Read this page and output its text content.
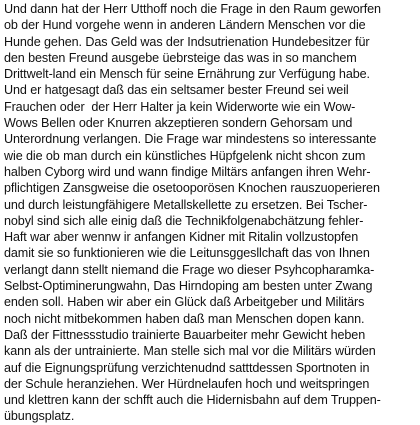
Und dann hat der Herr Utthoff noch die Frage in den Raum geworfen
ob der Hund vorgehe wenn in anderen Ländern Menschen vor die
Hunde gehen. Das Geld was der Indsutrienation Hundebesitzer für
den besten Freund ausgebe üebrsteige das was in so manchem
Drittwelt-land ein Mensch für seine Ernährung zur Verfügung habe.
Und er hatgesagt daß das ein seltsamer bester Freund sei weil
Frauchen oder  der Herr Halter ja kein Widerworte wie ein Wow-
Wows Bellen oder Knurren akzeptieren sondern Gehorsam und
Unterordnung verlangen. Die Frage war mindestens so interessante
wie die ob man durch ein künstliches Hüpfgelenk nicht shcon zum
halben Cyborg wird und wann findige Miltärs anfangen ihren Wehr-
pflichtigen Zansgweise die osetooporösen Knochen rauszuoperieren
und durch leistungfähigere Metallskellette zu ersetzen. Bei Tscher-
nobyl sind sich alle einig daß die Technikfolgenabchätzung fehler-
Haft war aber wennw ir anfangen Kidner mit Ritalin vollzustopfen
damit sie so funktionieren wie die Leitunsggesllchaft das von Ihnen
verlangt dann stellt niemand die Frage wo dieser Psyhcopharamka-
Selbst-Optiminerungwahn, Das Hirndoping am besten unter Zwang
enden soll. Haben wir aber ein Glück daß Arbeitgeber und Militärs
noch nicht mitbekommen haben daß man Menschen dopen kann.
Daß der Fittnessstudio trainierte Bauarbeiter mehr Gewicht heben
kann als der untrainierte. Man stelle sich mal vor die Militärs würden
auf die Eignungsprüfung verzichtenudnd satttdessen Sportnoten in
der Schule heranziehen. Wer Hürdnelaufen hoch und weitspringen
und klettren kann der schfft auch die Hidernisbahn auf dem Truppen-
übungsplatz.
